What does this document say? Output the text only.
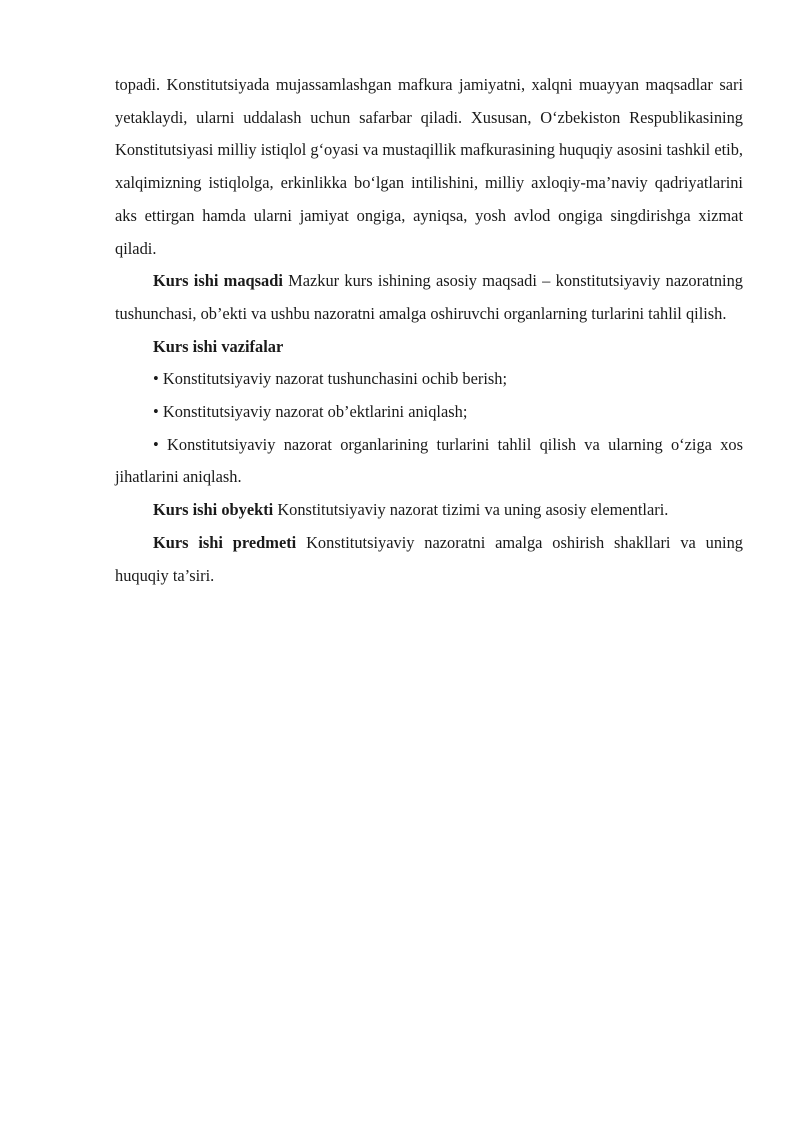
topadi. Konstitutsiyada mujassamlashgan mafkura jamiyatni, xalqni muayyan maqsadlar sari yetaklaydi, ularni uddalash uchun safarbar qiladi. Xususan, O‘zbekiston Respublikasining Konstitutsiyasi milliy istiqlol g‘oyasi va mustaqillik mafkurasining huquqiy asosini tashkil etib, xalqimizning istiqlolga, erkinlikka bo‘lgan intilishini, milliy axloqiy-ma’naviy qadriyatlarini aks ettirgan hamda ularni jamiyat ongiga, ayniqsa, yosh avlod ongiga singdirishga xizmat qiladi.

Kurs ishi maqsadi Mazkur kurs ishining asosiy maqsadi – konstitutsiyaviy nazoratning tushunchasi, ob’ekti va ushbu nazoratni amalga oshiruvchi organlarning turlarini tahlil qilish.

Kurs ishi vazifalar

• Konstitutsiyaviy nazorat tushunchasini ochib berish;

• Konstitutsiyaviy nazorat ob’ektlarini aniqlash;

• Konstitutsiyaviy nazorat organlarining turlarini tahlil qilish va ularning o‘ziga xos jihatlarini aniqlash.

Kurs ishi obyekti Konstitutsiyaviy nazorat tizimi va uning asosiy elementlari.

Kurs ishi predmeti Konstitutsiyaviy nazoratni amalga oshirish shakllari va uning huquqiy ta’siri.
